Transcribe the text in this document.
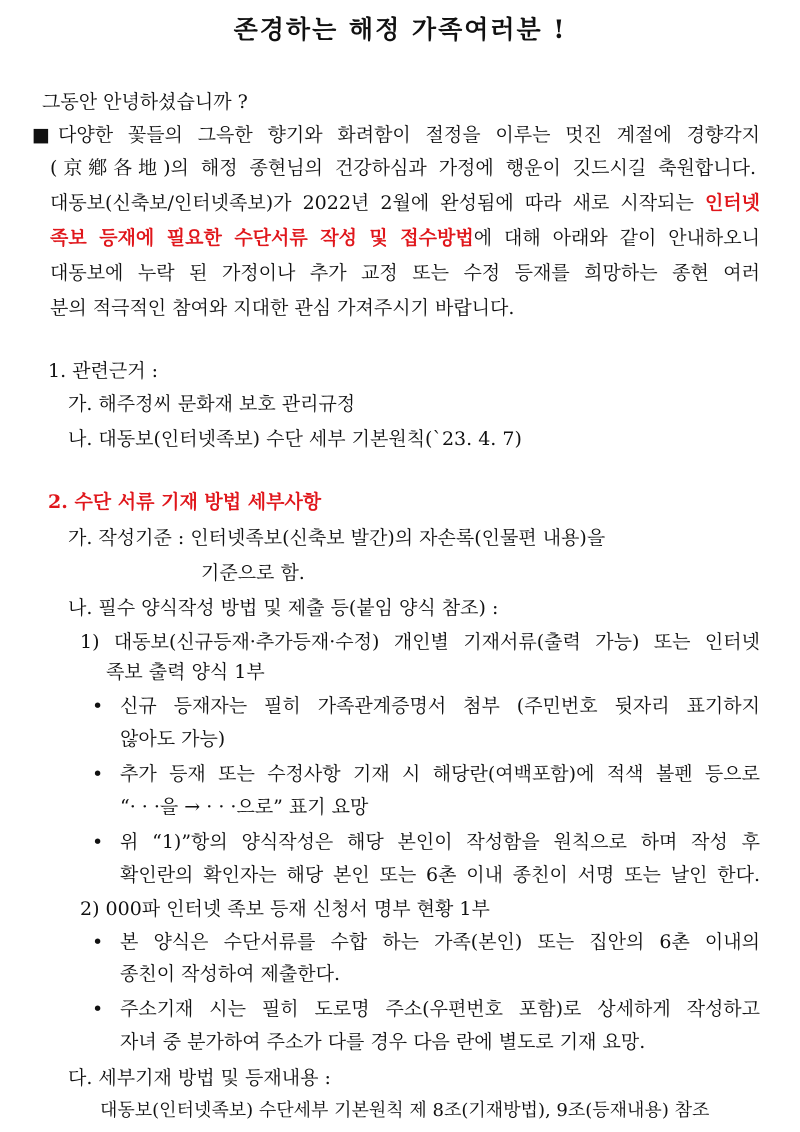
존경하는 해정 가족여러분 !
그동안 안녕하셨습니까 ?
■ 다양한 꽃들의 그윽한 향기와 화려함이 절정을 이루는 멋진 계절에 경향각지
(京鄕各地)의 해정 종현님의 건강하심과 가정에 행운이 깃드시길 축원합니다.
대동보(신축보/인터넷족보)가 2022년 2월에 완성됨에 따라 새로 시작되는 인터넷
족보 등재에 필요한 수단서류 작성 및 접수방법에 대해 아래와 같이 안내하오니
대동보에 누락 된 가정이나 추가 교정 또는 수정 등재를 희망하는 종현 여러
분의 적극적인 참여와 지대한 관심 가져주시기 바랍니다.
1. 관련근거 :
가. 해주정씨 문화재 보호 관리규정
나. 대동보(인터넷족보) 수단 세부 기본원칙(`23. 4. 7)
2. 수단 서류 기재 방법 세부사항
가. 작성기준 : 인터넷족보(신축보 발간)의 자손록(인물편 내용)을
기준으로 함.
나. 필수 양식작성 방법 및 제출 등(붙임 양식 참조) :
1) 대동보(신규등재·추가등재·수정) 개인별 기재서류(출력 가능) 또는 인터넷
족보 출력 양식 1부
• 신규 등재자는 필히 가족관계증명서 첨부 (주민번호 뒷자리 표기하지
않아도 가능)
• 추가 등재 또는 수정사항 기재 시 해당란(여백포함)에 적색 볼펜 등으로
“· · ·을 → · · ·으로” 표기 요망
• 위 “1)”항의 양식작성은 해당 본인이 작성함을 원칙으로 하며 작성 후
확인란의 확인자는 해당 본인 또는 6촌 이내 종친이 서명 또는 날인 한다.
2) 000파 인터넷 족보 등재 신청서 명부 현황 1부
• 본 양식은 수단서류를 수합 하는 가족(본인) 또는 집안의 6촌 이내의
종친이 작성하여 제출한다.
• 주소기재 시는 필히 도로명 주소(우편번호 포함)로 상세하게 작성하고
자녀 중 분가하여 주소가 다를 경우 다음 란에 별도로 기재 요망.
다. 세부기재 방법 및 등재내용 :
대동보(인터넷족보) 수단세부 기본원칙 제 8조(기재방법), 9조(등재내용) 참조
